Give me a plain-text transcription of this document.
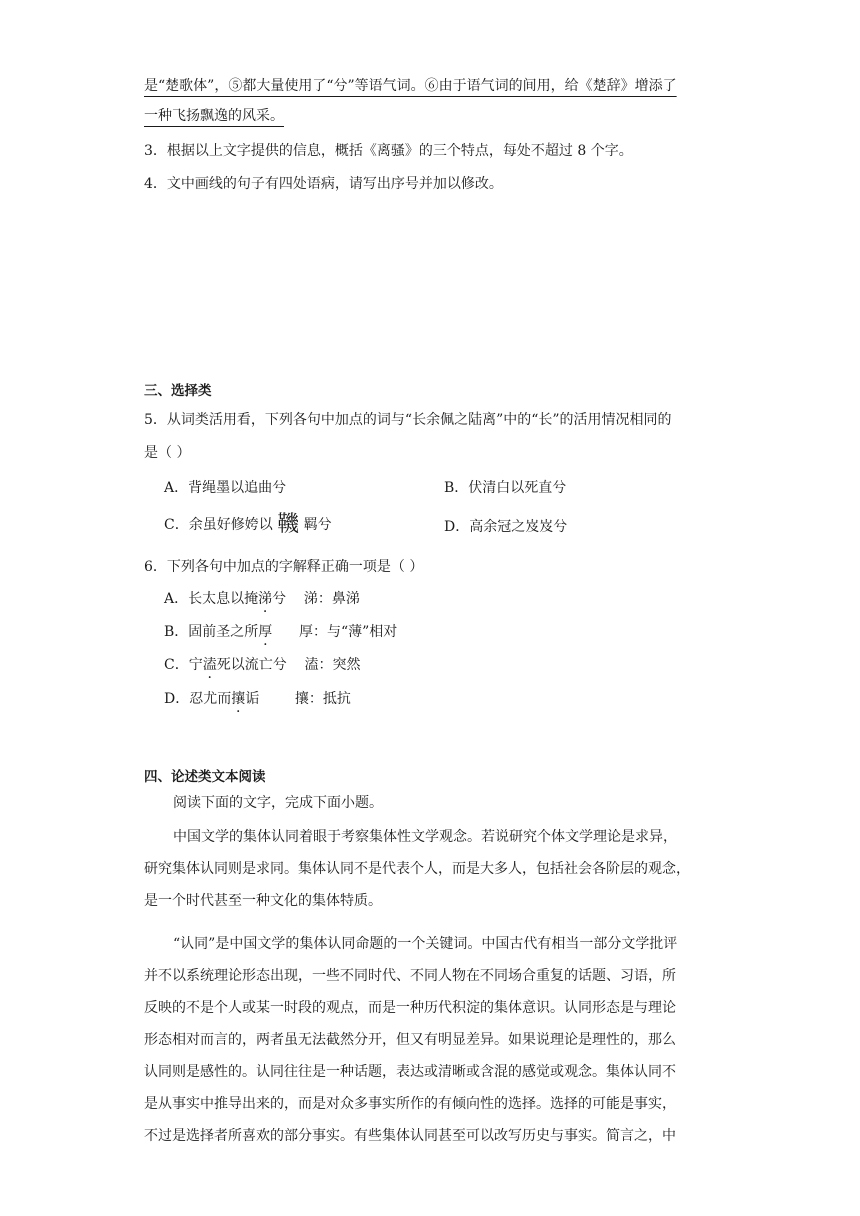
是“楚歌体”，⑤都大量使用了“兮”等语气词。⑥由于语气词的间用，给《楚辞》增添了
一种飞扬飘逸的风采。
3．根据以上文字提供的信息，概括《离骚》的三个特点，每处不超过 8 个字。
4．文中画线的句子有四处语病，请写出序号并加以修改。
三、选择类
5．从词类活用看，下列各句中加点的词与“长余佩之陆离”中的“长”的活用情况相同的
是（ ）
A．背绳墨以追曲兮	B．伏清白以死直兮
C．余虽好修姱以 鞿 羁兮	D．高余冠之岌岌兮
6．下列各句中加点的字解释正确一项是（ ）
A．长太息以掩涕兮    涕：鼻涕
B．固前圣之所厚      厚：与“薄”相对
C．宁溘死以流亡兮    溘：突然
D．忍尤而攘诟        攘：抵抗
四、论述类文本阅读
阅读下面的文字，完成下面小题。
中国文学的集体认同着眼于考察集体性文学观念。若说研究个体文学理论是求异，
研究集体认同则是求同。集体认同不是代表个人，而是大多人，包括社会各阶层的观念，
是一个时代甚至一种文化的集体特质。
“认同”是中国文学的集体认同命题的一个关键词。中国古代有相当一部分文学批评
并不以系统理论形态出现，一些不同时代、不同人物在不同场合重复的话题、习语，所
反映的不是个人或某一时段的观点，而是一种历代积淀的集体意识。认同形态是与理论
形态相对而言的，两者虽无法截然分开，但又有明显差异。如果说理论是理性的，那么
认同则是感性的。认同往往是一种话题，表达或清晰或含混的感觉或观念。集体认同不
是从事实中推导出来的，而是对众多事实所作的有倾向性的选择。选择的可能是事实，
不过是选择者所喜欢的部分事实。有些集体认同甚至可以改写历史与事实。简言之，中
